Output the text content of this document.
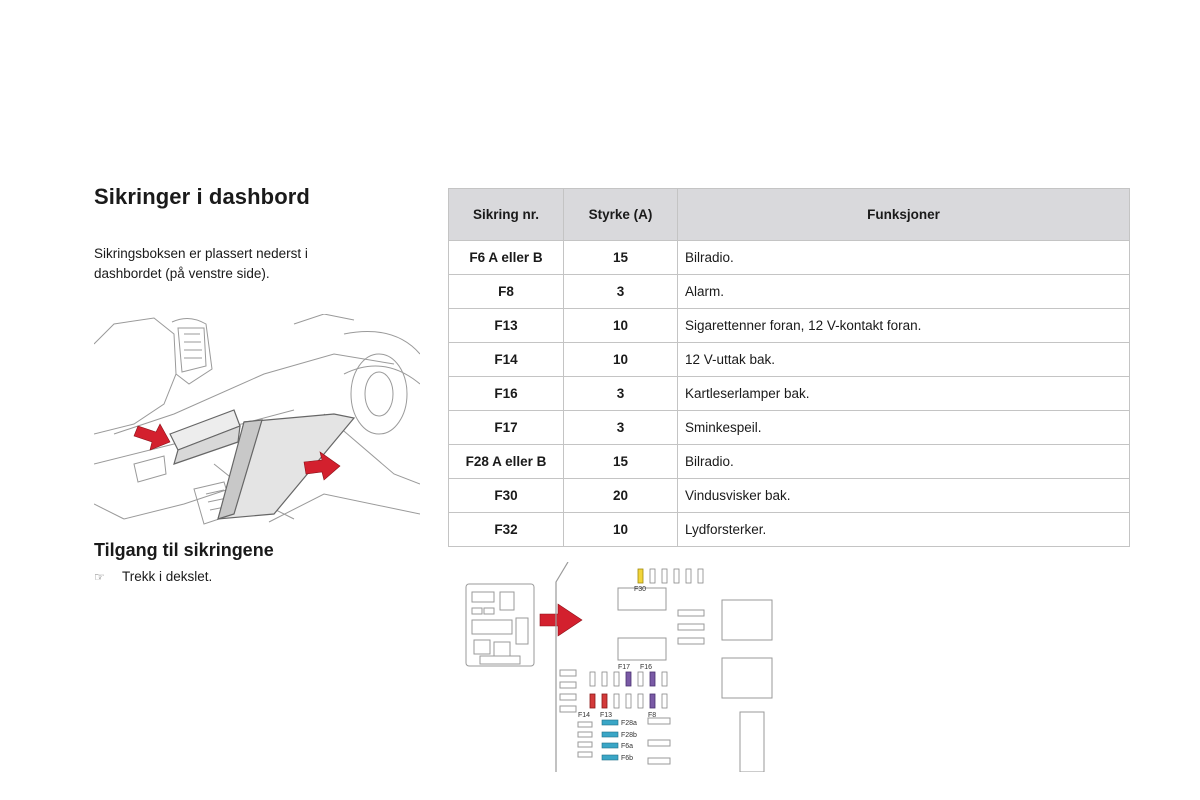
Sikringer i dashbord

Sikringsboksen er plassert nederst i dashbordet (på venstre side).

Tilgang til sikringene
☞	Trekk i dekslet.
Sikring nr.	Styrke (A)	Funksjoner
F6 A eller B	15	Bilradio.
F8	3	Alarm.
F13	10	Sigarettenner foran, 12 V-kontakt foran.
F14	10	12 V-uttak bak.
F16	3	Kartleserlamper bak.
F17	3	Sminkespeil.
F28 A eller B	15	Bilradio.
F30	20	Vindusvisker bak.
F32	10	Lydforsterker.
F30
F17 F16
F14 F13	F8
F28a
F28b
F6a
F6b
